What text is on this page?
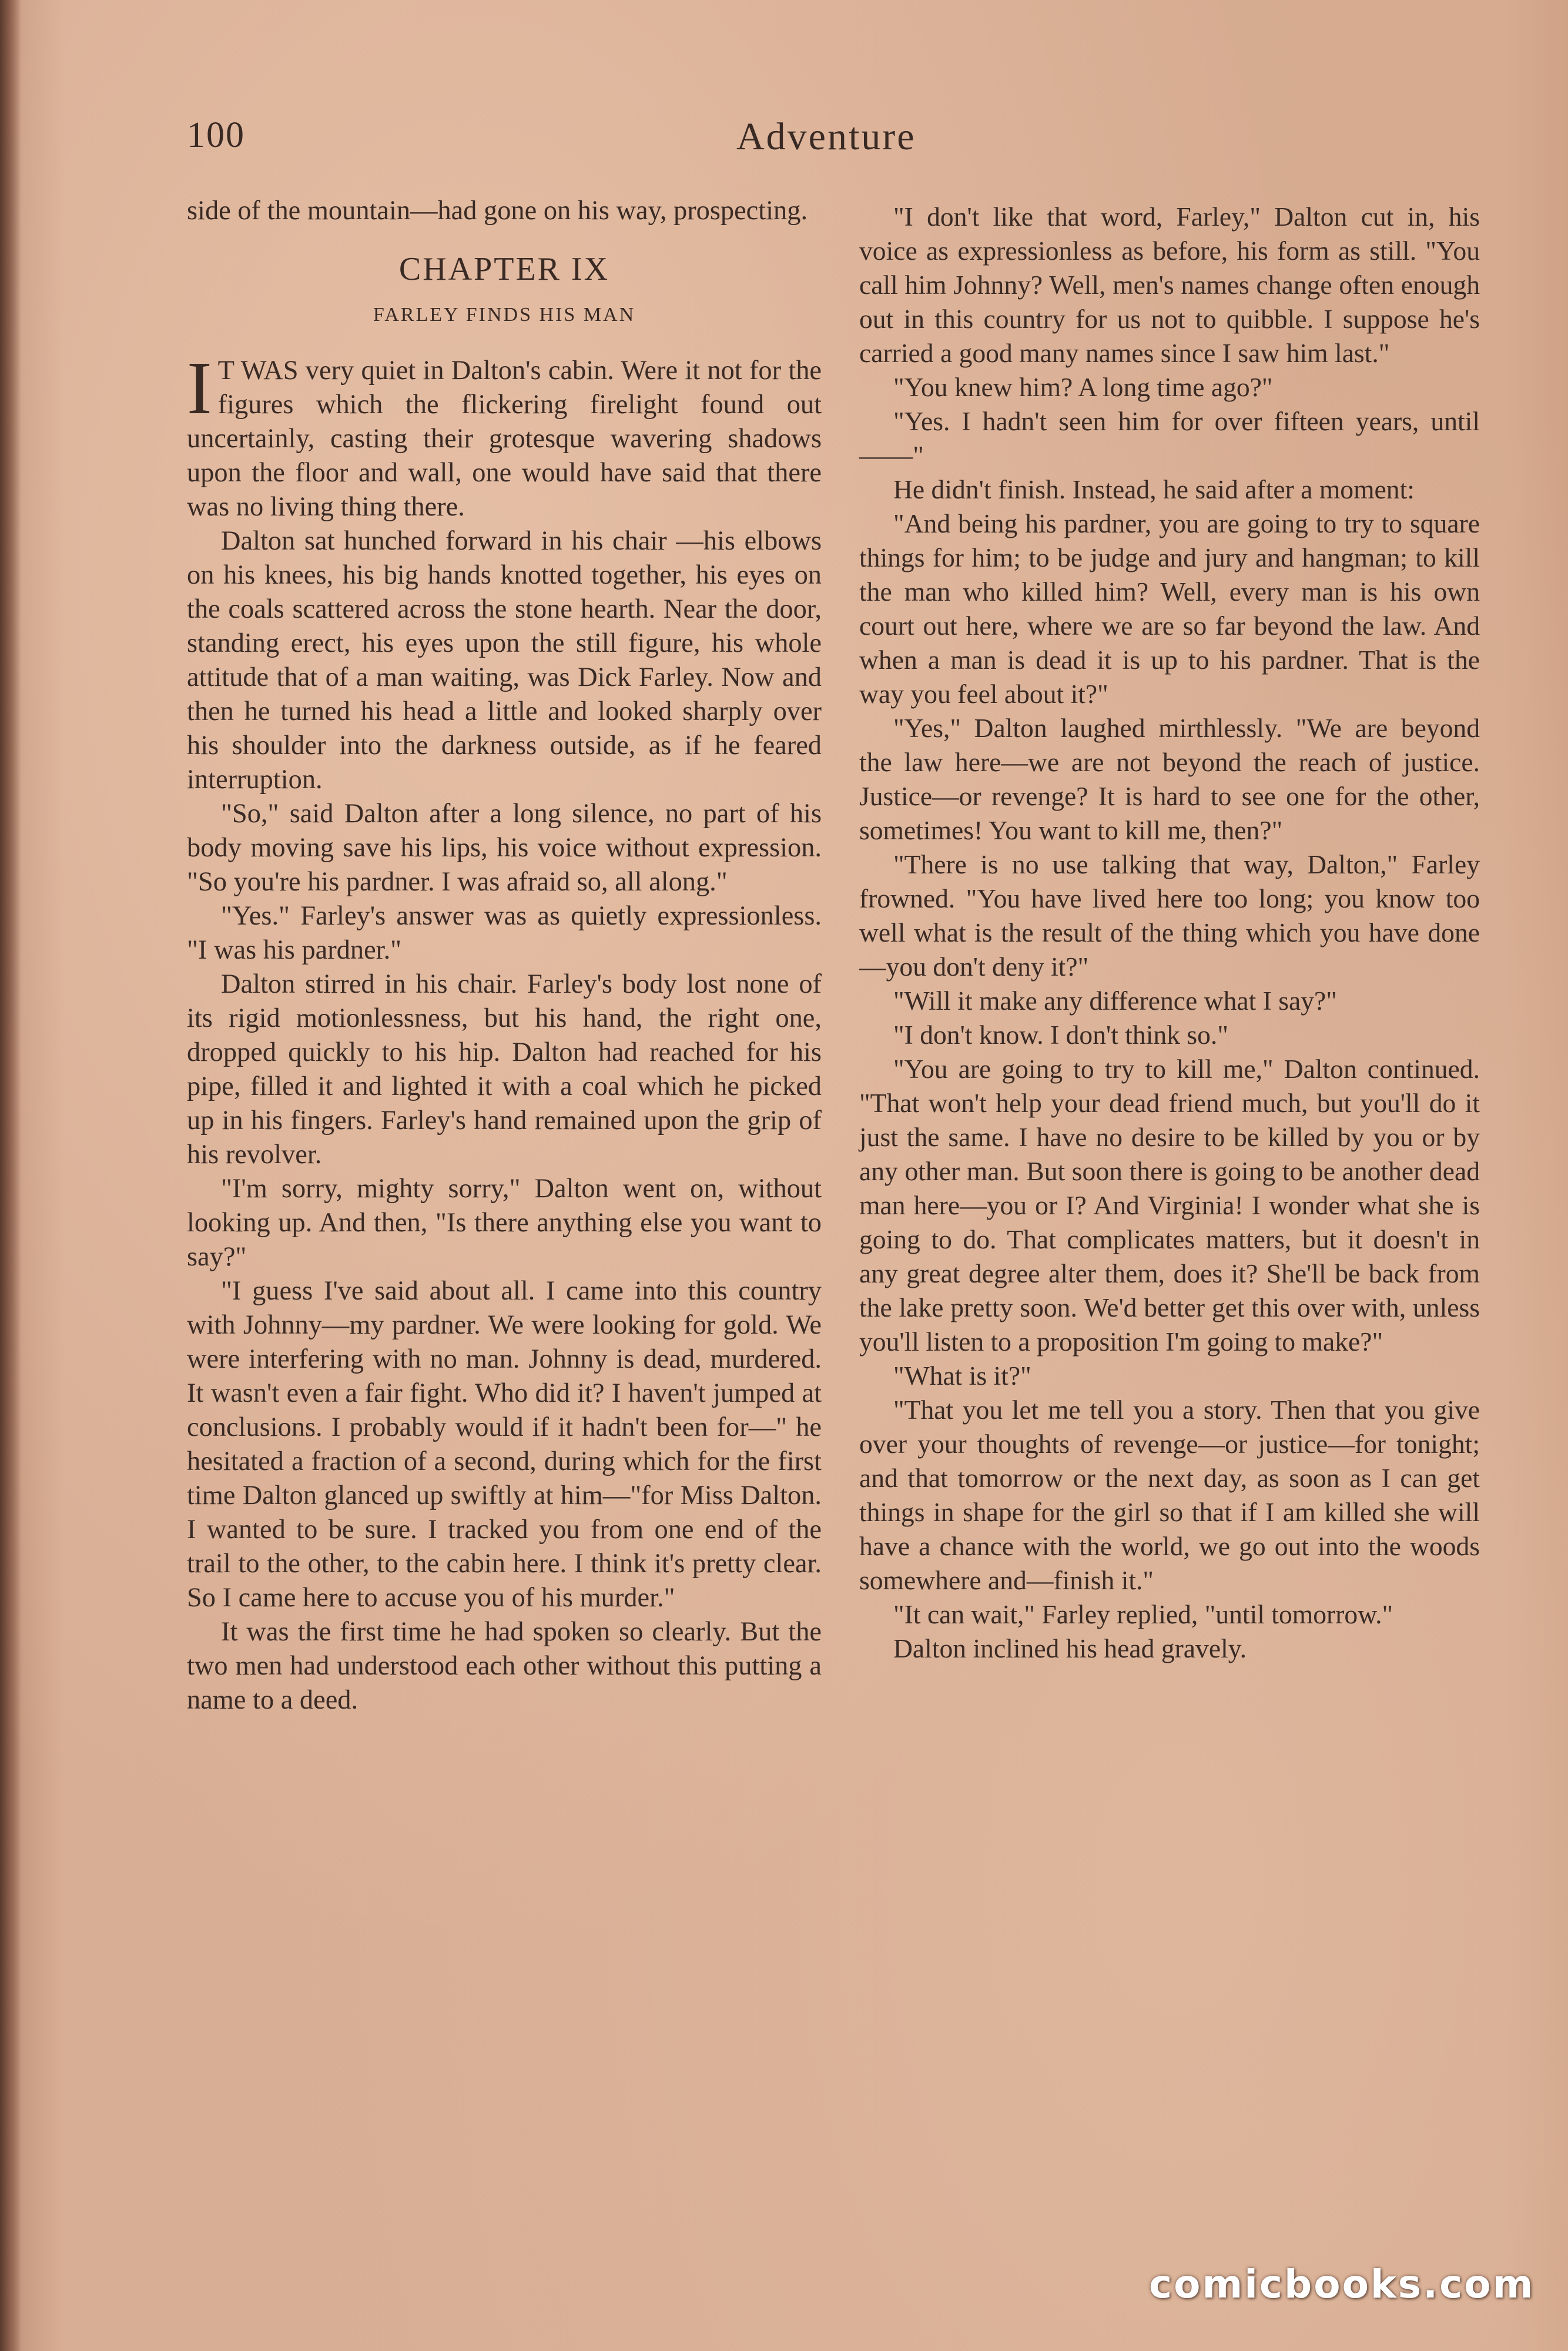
100	Adventure

side of the mountain—had gone on his way, prospecting.

CHAPTER IX
FARLEY FINDS HIS MAN

I T WAS very quiet in Dalton's cabin. Were it not for the figures which the flickering firelight found out uncertainly, casting their grotesque wavering shadows upon the floor and wall, one would have said that there was no living thing there.

Dalton sat hunched forward in his chair —his elbows on his knees, his big hands knotted together, his eyes on the coals scattered across the stone hearth. Near the door, standing erect, his eyes upon the still figure, his whole attitude that of a man waiting, was Dick Farley. Now and then he turned his head a little and looked sharply over his shoulder into the darkness outside, as if he feared interruption.

"So," said Dalton after a long silence, no part of his body moving save his lips, his voice without expression. "So you're his pardner. I was afraid so, all along."

"Yes." Farley's answer was as quietly expressionless. "I was his pardner."

Dalton stirred in his chair. Farley's body lost none of its rigid motionlessness, but his hand, the right one, dropped quickly to his hip. Dalton had reached for his pipe, filled it and lighted it with a coal which he picked up in his fingers. Farley's hand remained upon the grip of his revolver.

"I'm sorry, mighty sorry," Dalton went on, without looking up. And then, "Is there anything else you want to say?"

"I guess I've said about all. I came into this country with Johnny—my pardner. We were looking for gold. We were interfering with no man. Johnny is dead, murdered. It wasn't even a fair fight. Who did it? I haven't jumped at conclusions. I probably would if it hadn't been for—" he hesitated a fraction of a second, during which for the first time Dalton glanced up swiftly at him—"for Miss Dalton. I wanted to be sure. I tracked you from one end of the trail to the other, to the cabin here. I think it's pretty clear. So I came here to accuse you of his murder."

It was the first time he had spoken so clearly. But the two men had understood each other without this putting a name to a deed.

"I don't like that word, Farley," Dalton cut in, his voice as expressionless as before, his form as still. "You call him Johnny? Well, men's names change often enough out in this country for us not to quibble. I suppose he's carried a good many names since I saw him last."

"You knew him? A long time ago?"

"Yes. I hadn't seen him for over fifteen years, until——"

He didn't finish. Instead, he said after a moment:

"And being his pardner, you are going to try to square things for him; to be judge and jury and hangman; to kill the man who killed him? Well, every man is his own court out here, where we are so far beyond the law. And when a man is dead it is up to his pardner. That is the way you feel about it?"

"Yes," Dalton laughed mirthlessly. "We are beyond the law here—we are not beyond the reach of justice. Justice—or revenge? It is hard to see one for the other, sometimes! You want to kill me, then?"

"There is no use talking that way, Dalton," Farley frowned. "You have lived here too long; you know too well what is the result of the thing which you have done —you don't deny it?"

"Will it make any difference what I say?"

"I don't know. I don't think so."

"You are going to try to kill me," Dalton continued. "That won't help your dead friend much, but you'll do it just the same. I have no desire to be killed by you or by any other man. But soon there is going to be another dead man here—you or I? And Virginia! I wonder what she is going to do. That complicates matters, but it doesn't in any great degree alter them, does it? She'll be back from the lake pretty soon. We'd better get this over with, unless you'll listen to a proposition I'm going to make?"

"What is it?"

"That you let me tell you a story. Then that you give over your thoughts of revenge—or justice—for tonight; and that tomorrow or the next day, as soon as I can get things in shape for the girl so that if I am killed she will have a chance with the world, we go out into the woods somewhere and—finish it."

"It can wait," Farley replied, "until tomorrow."

Dalton inclined his head gravely.

comicbooks.com
